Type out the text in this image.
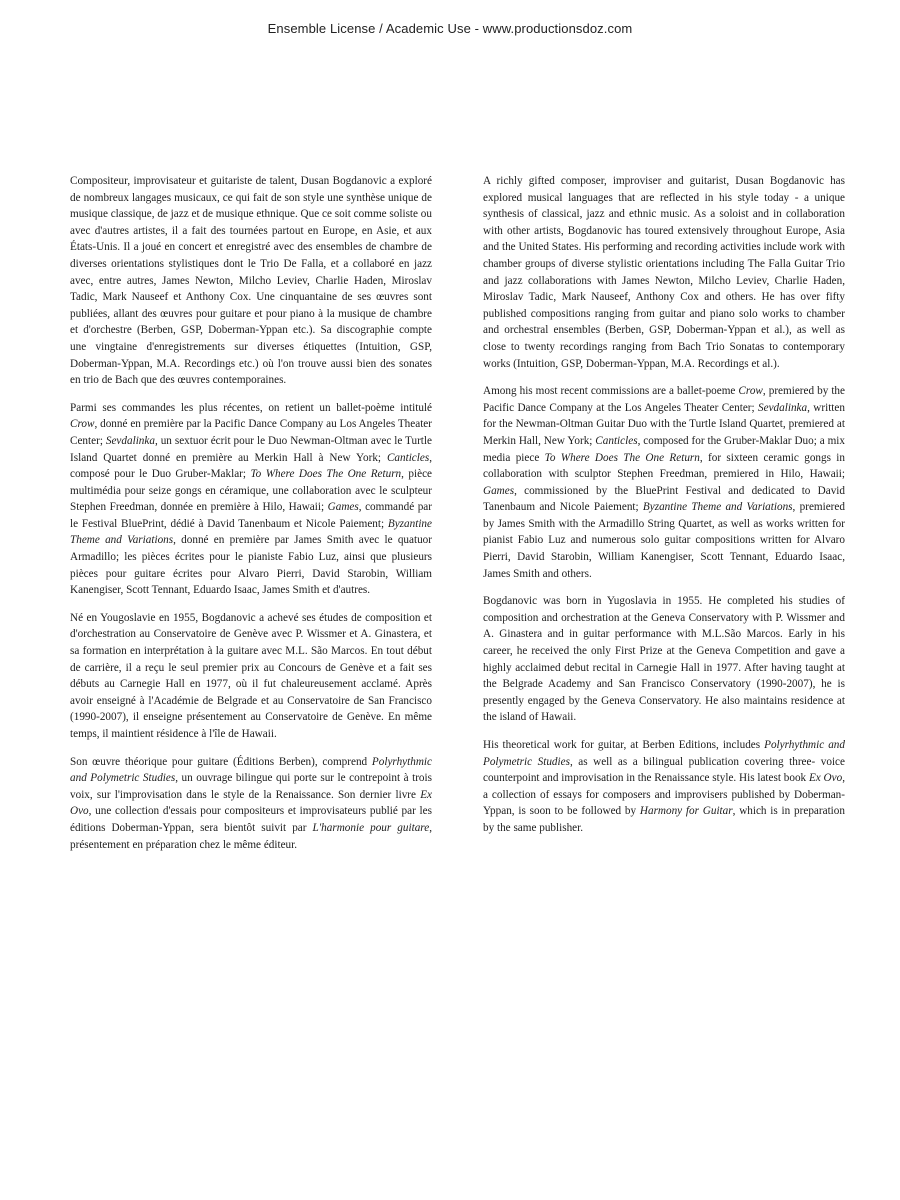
Ensemble License / Academic Use - www.productionsdoz.com

Compositeur, improvisateur et guitariste de talent, Dusan Bogdanovic a exploré de nombreux langages musicaux, ce qui fait de son style une synthèse unique de musique classique, de jazz et de musique ethnique. Que ce soit comme soliste ou avec d'autres artistes, il a fait des tournées partout en Europe, en Asie, et aux États-Unis. Il a joué en concert et enregistré avec des ensembles de chambre de diverses orientations stylistiques dont le Trio De Falla, et a collaboré en jazz avec, entre autres, James Newton, Milcho Leviev, Charlie Haden, Miroslav Tadic, Mark Nauseef et Anthony Cox. Une cinquantaine de ses œuvres sont publiées, allant des œuvres pour guitare et pour piano à la musique de chambre et d'orchestre (Berben, GSP, Doberman-Yppan etc.). Sa discographie compte une vingtaine d'enregistrements sur diverses étiquettes (Intuition, GSP, Doberman-Yppan, M.A. Recordings etc.) où l'on trouve aussi bien des sonates en trio de Bach que des œuvres contemporaines.

Parmi ses commandes les plus récentes, on retient un ballet-poème intitulé Crow, donné en première par la Pacific Dance Company au Los Angeles Theater Center; Sevdalinka, un sextuor écrit pour le Duo Newman-Oltman avec le Turtle Island Quartet donné en première au Merkin Hall à New York; Canticles, composé pour le Duo Gruber-Maklar; To Where Does The One Return, pièce multimédia pour seize gongs en céramique, une collaboration avec le sculpteur Stephen Freedman, donnée en première à Hilo, Hawaii; Games, commandé par le Festival BluePrint, dédié à David Tanenbaum et Nicole Paiement; Byzantine Theme and Variations, donné en première par James Smith avec le quatuor Armadillo; les pièces écrites pour le pianiste Fabio Luz, ainsi que plusieurs pièces pour guitare écrites pour Alvaro Pierri, David Starobin, William Kanengiser, Scott Tennant, Eduardo Isaac, James Smith et d'autres.

Né en Yougoslavie en 1955, Bogdanovic a achevé ses études de composition et d'orchestration au Conservatoire de Genève avec P. Wissmer et A. Ginastera, et sa formation en interprétation à la guitare avec M.L. São Marcos. En tout début de carrière, il a reçu le seul premier prix au Concours de Genève et a fait ses débuts au Carnegie Hall en 1977, où il fut chaleureusement acclamé. Après avoir enseigné à l'Académie de Belgrade et au Conservatoire de San Francisco (1990-2007), il enseigne présentement au Conservatoire de Genève. En même temps, il maintient résidence à l'île de Hawaii.

Son œuvre théorique pour guitare (Éditions Berben), comprend Polyrhythmic and Polymetric Studies, un ouvrage bilingue qui porte sur le contrepoint à trois voix, sur l'improvisation dans le style de la Renaissance. Son dernier livre Ex Ovo, une collection d'essais pour compositeurs et improvisateurs publié par les éditions Doberman-Yppan, sera bientôt suivit par L'harmonie pour guitare, présentement en préparation chez le même éditeur.

A richly gifted composer, improviser and guitarist, Dusan Bogdanovic has explored musical languages that are reflected in his style today - a unique synthesis of classical, jazz and ethnic music. As a soloist and in collaboration with other artists, Bogdanovic has toured extensively throughout Europe, Asia and the United States. His performing and recording activities include work with chamber groups of diverse stylistic orientations including The Falla Guitar Trio and jazz collaborations with James Newton, Milcho Leviev, Charlie Haden, Miroslav Tadic, Mark Nauseef, Anthony Cox and others. He has over fifty published compositions ranging from guitar and piano solo works to chamber and orchestral ensembles (Berben, GSP, Doberman-Yppan et al.), as well as close to twenty recordings ranging from Bach Trio Sonatas to contemporary works (Intuition, GSP, Doberman-Yppan, M.A. Recordings et al.).

Among his most recent commissions are a ballet-poeme Crow, premiered by the Pacific Dance Company at the Los Angeles Theater Center; Sevdalinka, written for the Newman-Oltman Guitar Duo with the Turtle Island Quartet, premiered at Merkin Hall, New York; Canticles, composed for the Gruber-Maklar Duo; a mix media piece To Where Does The One Return, for sixteen ceramic gongs in collaboration with sculptor Stephen Freedman, premiered in Hilo, Hawaii; Games, commissioned by the BluePrint Festival and dedicated to David Tanenbaum and Nicole Paiement; Byzantine Theme and Variations, premiered by James Smith with the Armadillo String Quartet, as well as works written for pianist Fabio Luz and numerous solo guitar compositions written for Alvaro Pierri, David Starobin, William Kanengiser, Scott Tennant, Eduardo Isaac, James Smith and others.

Bogdanovic was born in Yugoslavia in 1955. He completed his studies of composition and orchestration at the Geneva Conservatory with P. Wissmer and A. Ginastera and in guitar performance with M.L.São Marcos. Early in his career, he received the only First Prize at the Geneva Competition and gave a highly acclaimed debut recital in Carnegie Hall in 1977. After having taught at the Belgrade Academy and San Francisco Conservatory (1990-2007), he is presently engaged by the Geneva Conservatory. He also maintains residence at the island of Hawaii.

His theoretical work for guitar, at Berben Editions, includes Polyrhythmic and Polymetric Studies, as well as a bilingual publication covering three- voice counterpoint and improvisation in the Renaissance style. His latest book Ex Ovo, a collection of essays for composers and improvisers published by Doberman-Yppan, is soon to be followed by Harmony for Guitar, which is in preparation by the same publisher.
